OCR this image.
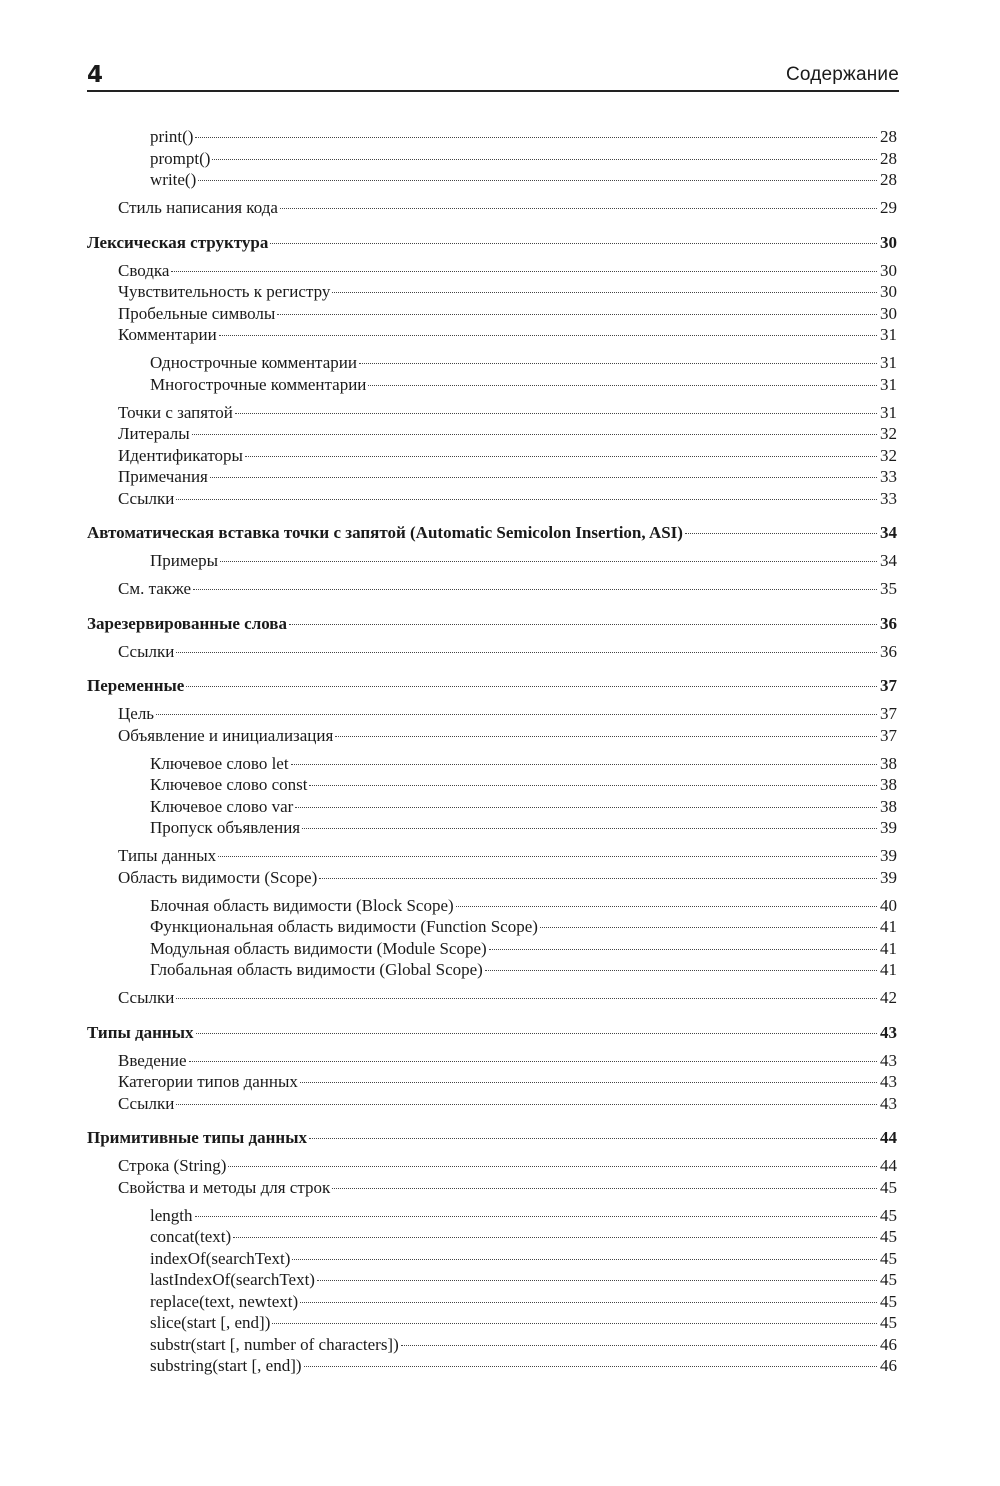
4	Содержание
print()	28
prompt()	28
write()	28
Стиль написания кода	29
Лексическая структура	30
Сводка	30
Чувствительность к регистру	30
Пробельные символы	30
Комментарии	31
Однострочные комментарии	31
Многострочные комментарии	31
Точки с запятой	31
Литералы	32
Идентификаторы	32
Примечания	33
Ссылки	33
Автоматическая вставка точки с запятой (Automatic Semicolon Insertion, ASI)	34
Примеры	34
См. также	35
Зарезервированные слова	36
Ссылки	36
Переменные	37
Цель	37
Объявление и инициализация	37
Ключевое слово let	38
Ключевое слово const	38
Ключевое слово var	38
Пропуск объявления	39
Типы данных	39
Область видимости (Scope)	39
Блочная область видимости (Block Scope)	40
Функциональная область видимости (Function Scope)	41
Модульная область видимости (Module Scope)	41
Глобальная область видимости (Global Scope)	41
Ссылки	42
Типы данных	43
Введение	43
Категории типов данных	43
Ссылки	43
Примитивные типы данных	44
Строка (String)	44
Свойства и методы для строк	45
length	45
concat(text)	45
indexOf(searchText)	45
lastIndexOf(searchText)	45
replace(text, newtext)	45
slice(start [, end])	45
substr(start [, number of characters])	46
substring(start [, end])	46
